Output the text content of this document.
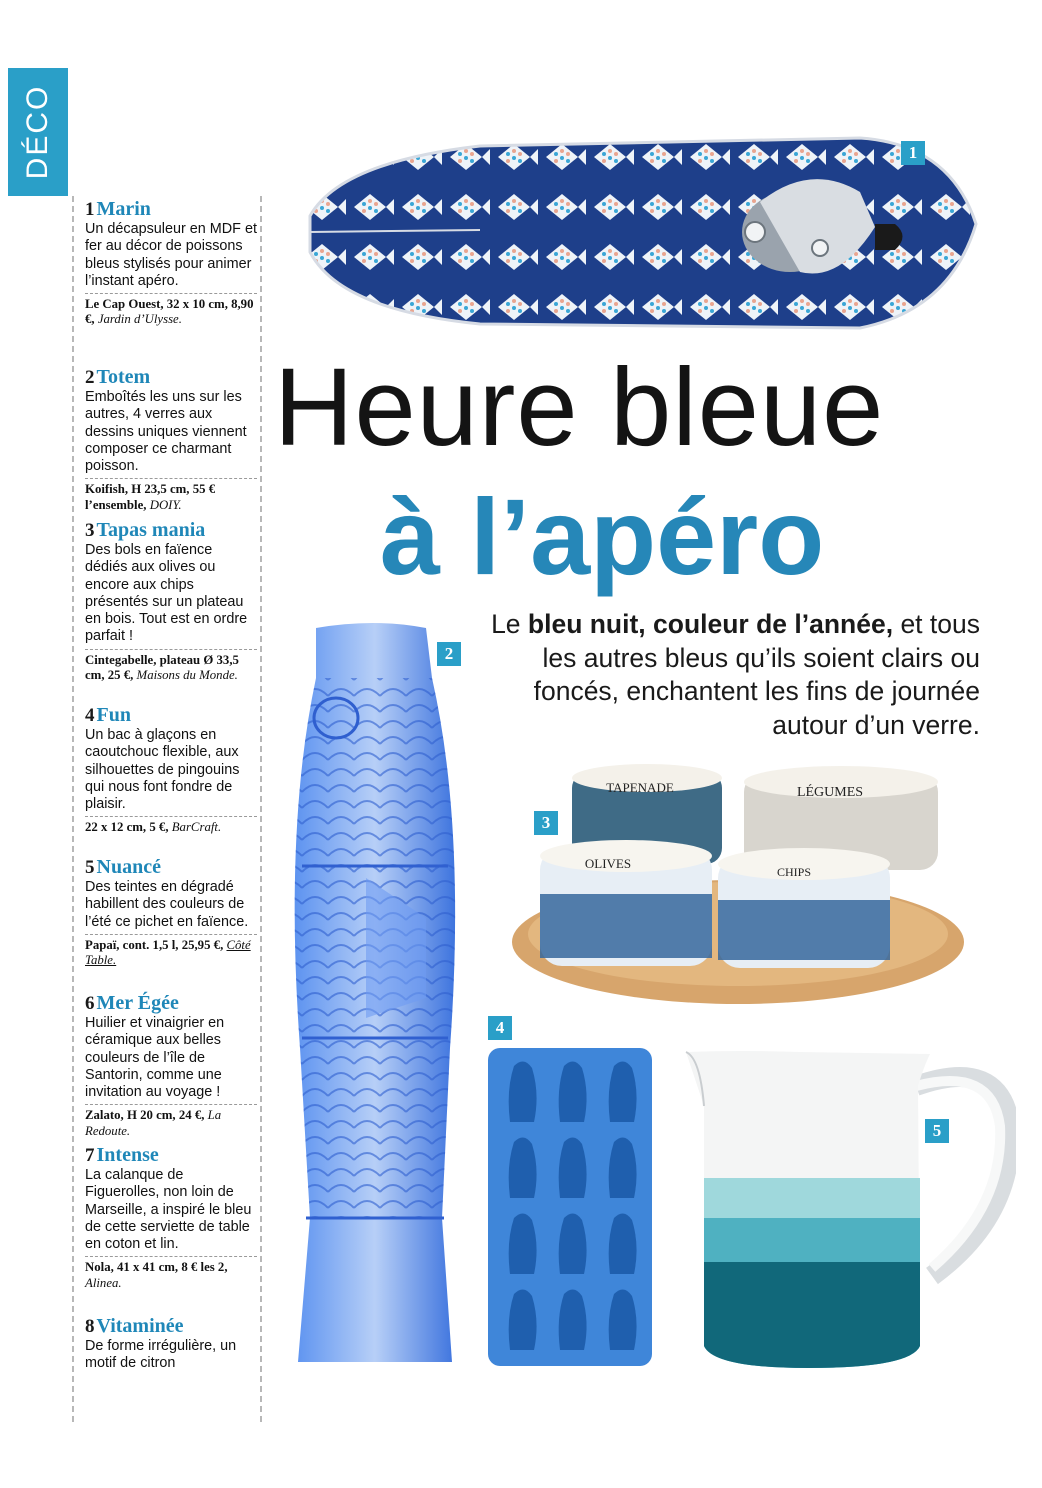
DÉCO
1 Marin
Un décapsuleur en MDF et fer au décor de poissons bleus stylisés pour animer l’instant apéro.
Le Cap Ouest, 32 x 10 cm, 8,90 €, Jardin d’Ulysse.
2 Totem
Emboîtés les uns sur les autres, 4 verres aux dessins uniques viennent composer ce charmant poisson.
Koifish, H 23,5 cm, 55 € l’ensemble, DOIY.
3 Tapas mania
Des bols en faïence dédiés aux olives ou encore aux chips présentés sur un plateau en bois. Tout est en ordre parfait !
Cintegabelle, plateau Ø 33,5 cm, 25 €, Maisons du Monde.
4 Fun
Un bac à glaçons en caoutchouc flexible, aux silhouettes de pingouins qui nous font fondre de plaisir.
22 x 12 cm, 5 €, BarCraft.
5 Nuancé
Des teintes en dégradé habillent des couleurs de l’été ce pichet en faïence.
Papaï, cont. 1,5 l, 25,95 €, Côté Table.
6 Mer Égée
Huilier et vinaigrier en céramique aux belles couleurs de l’île de Santorin, comme une invitation au voyage !
Zalato, H 20 cm, 24 €, La Redoute.
7 Intense
La calanque de Figuerolles, non loin de Marseille, a inspiré le bleu de cette serviette de table en coton et lin.
Nola, 41 x 41 cm, 8 € les 2, Alinea.
8 Vitaminée
De forme irrégulière, un motif de citron
1
Heure bleue
à l’apéro
Le bleu nuit, couleur de l’année, et tous les autres bleus qu’ils soient clairs ou foncés, enchantent les fins de journée autour d’un verre.
2
TAPENADE	LÉGUMES
OLIVES
CHIPS
3
4
5
